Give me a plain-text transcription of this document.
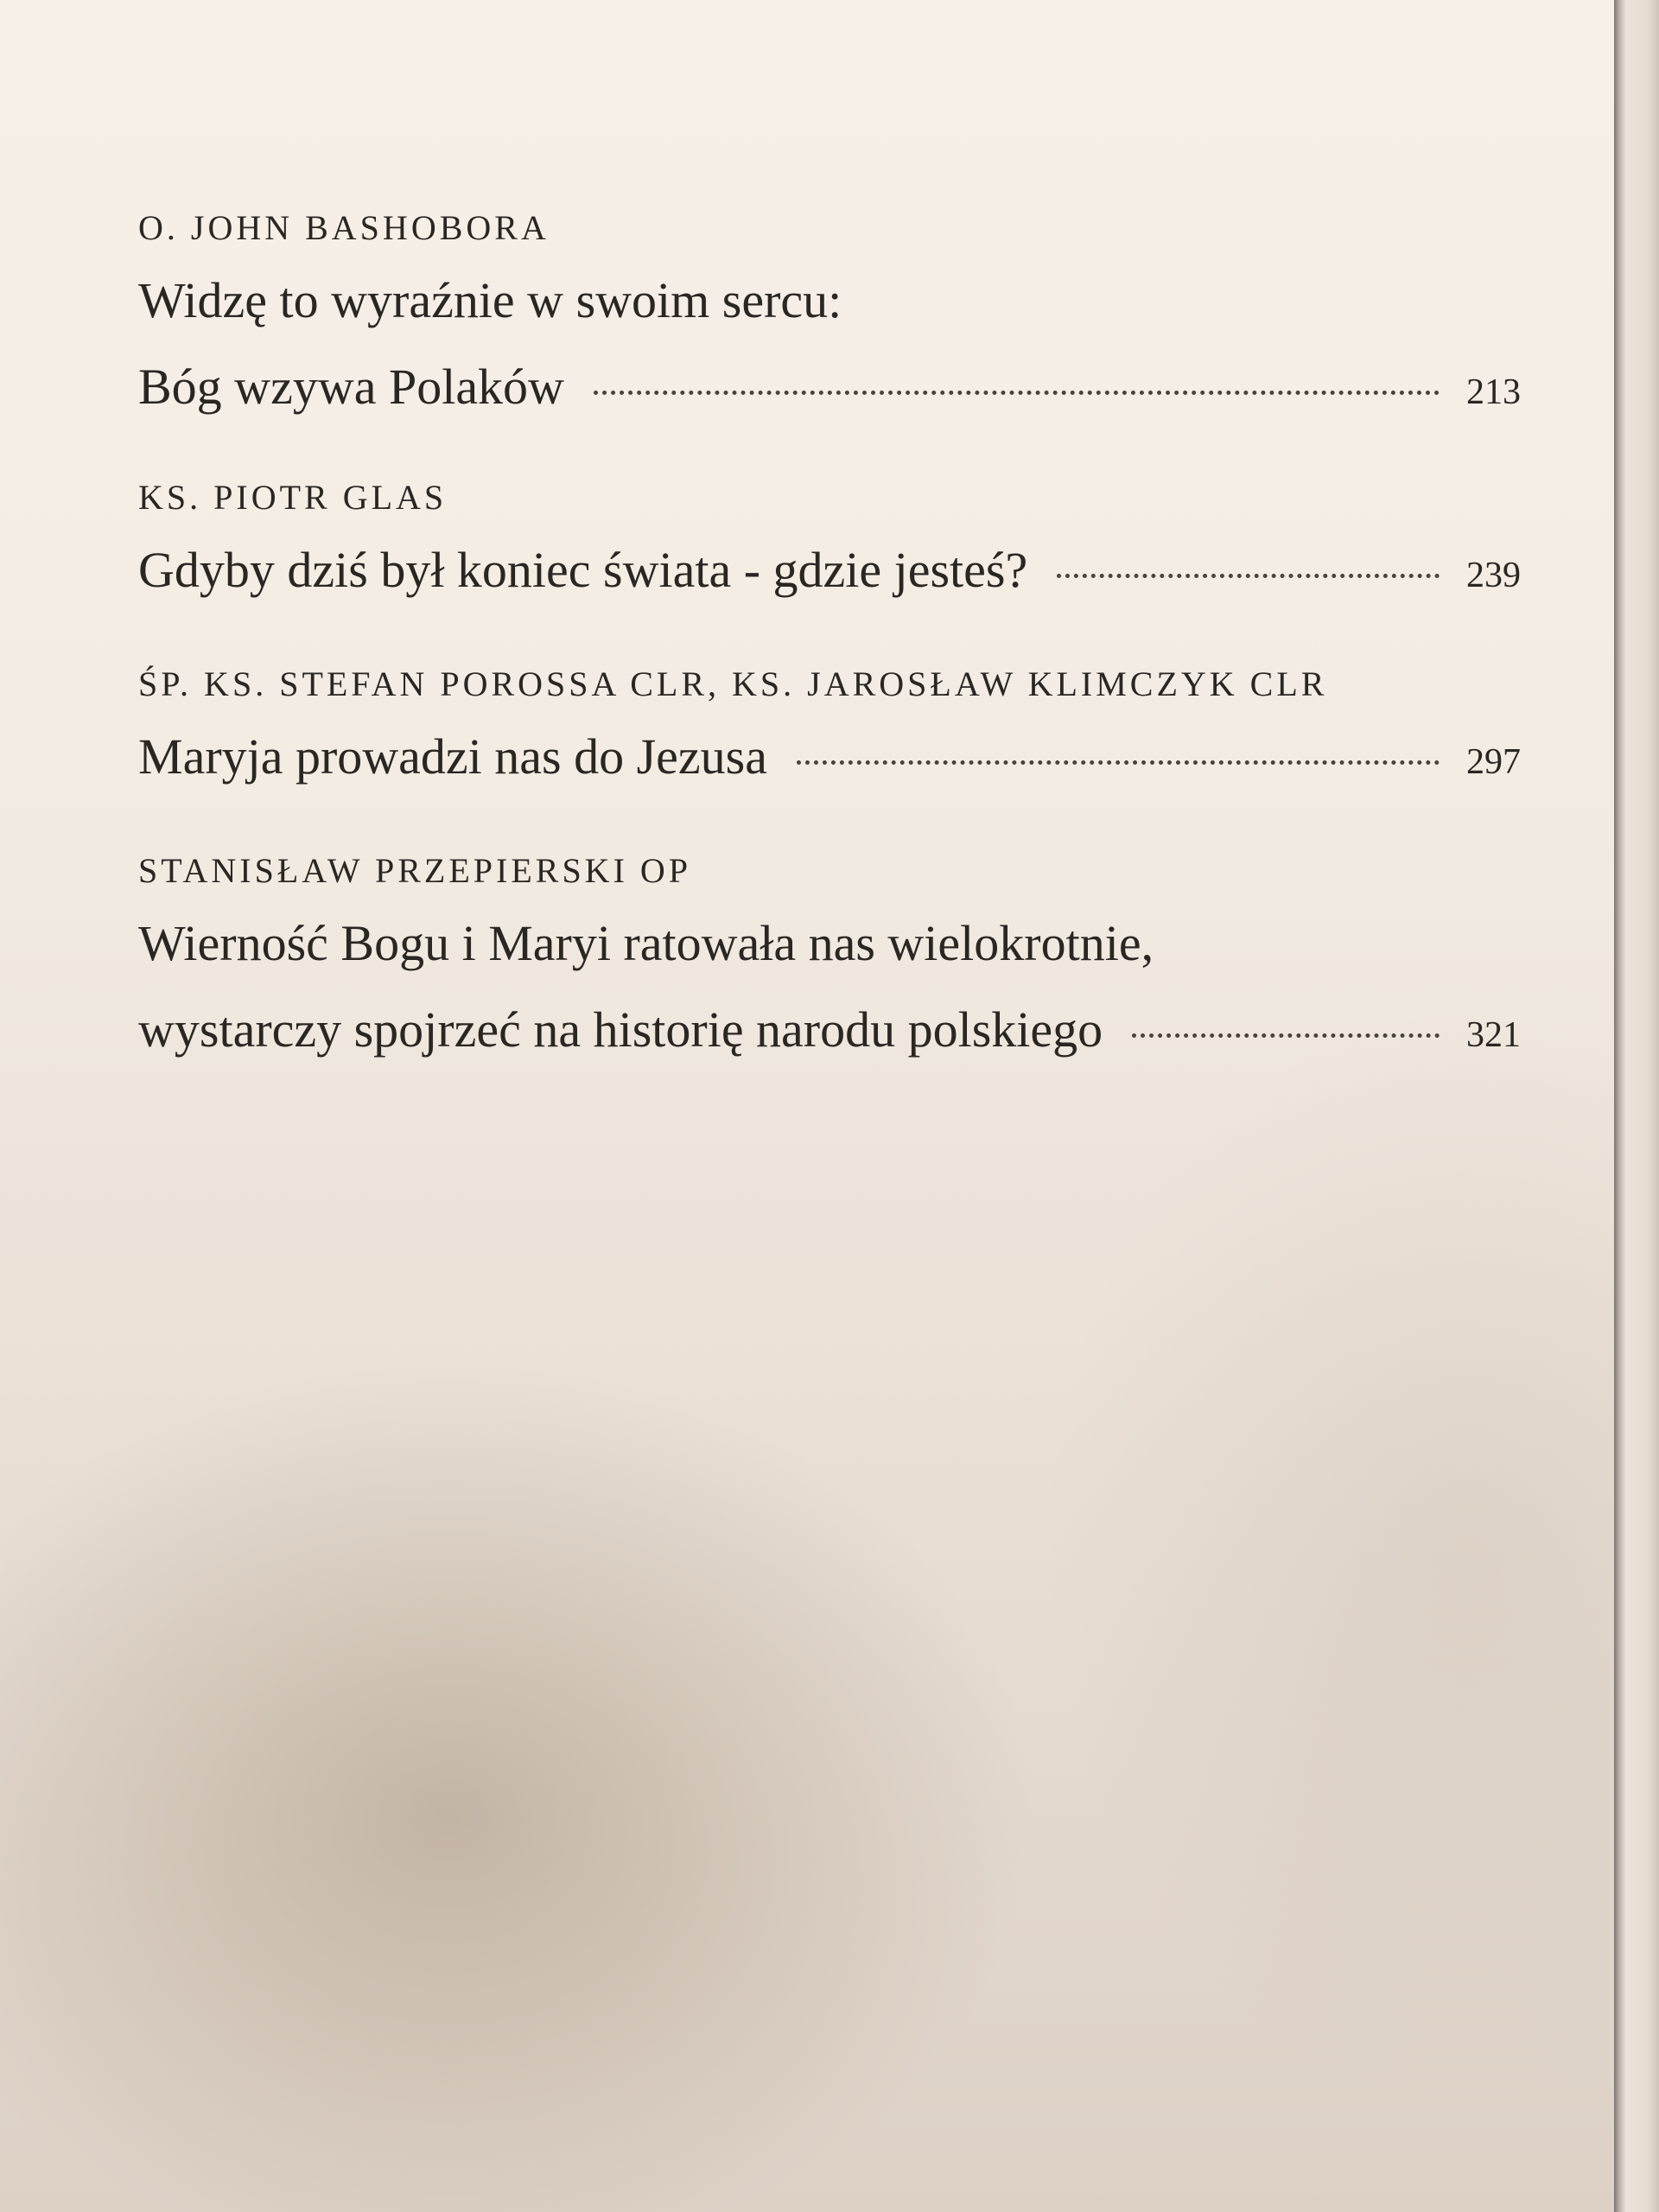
O. JOHN BASHOBORA
Widzę to wyraźnie w swoim sercu:
Bóg wzywa Polaków	213
KS. PIOTR GLAS
Gdyby dziś był koniec świata - gdzie jesteś?	239
ŚP. KS. STEFAN POROSSA CLR, KS. JAROSŁAW KLIMCZYK CLR
Maryja prowadzi nas do Jezusa	297
STANISŁAW PRZEPIERSKI OP
Wierność Bogu i Maryi ratowała nas wielokrotnie,
wystarczy spojrzeć na historię narodu polskiego	321
